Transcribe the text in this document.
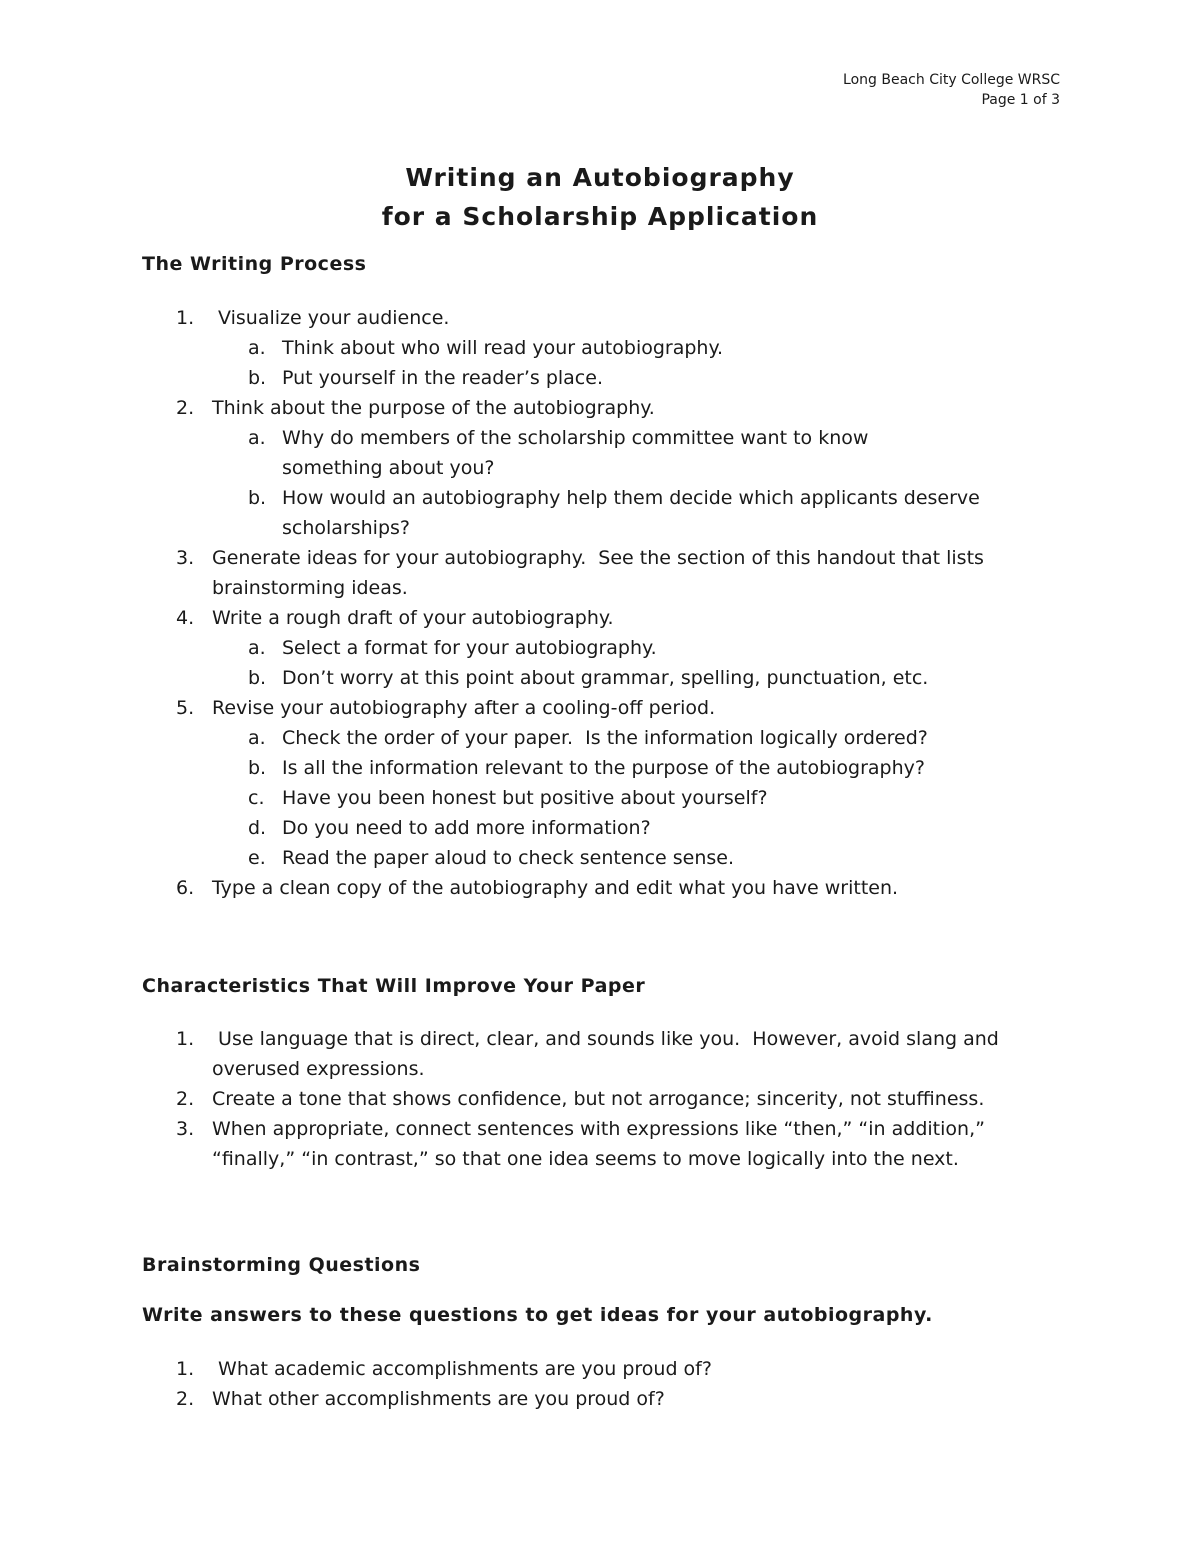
Long Beach City College WRSC
Page 1 of 3
Writing an Autobiography
for a Scholarship Application
The Writing Process
1. Visualize your audience.
a. Think about who will read your autobiography.
b. Put yourself in the reader’s place.
2. Think about the purpose of the autobiography.
a. Why do members of the scholarship committee want to know something about you?
b. How would an autobiography help them decide which applicants deserve scholarships?
3. Generate ideas for your autobiography.  See the section of this handout that lists brainstorming ideas.
4. Write a rough draft of your autobiography.
a. Select a format for your autobiography.
b. Don’t worry at this point about grammar, spelling, punctuation, etc.
5. Revise your autobiography after a cooling-off period.
a. Check the order of your paper.  Is the information logically ordered?
b. Is all the information relevant to the purpose of the autobiography?
c. Have you been honest but positive about yourself?
d. Do you need to add more information?
e. Read the paper aloud to check sentence sense.
6. Type a clean copy of the autobiography and edit what you have written.
Characteristics That Will Improve Your Paper
1. Use language that is direct, clear, and sounds like you.  However, avoid slang and overused expressions.
2. Create a tone that shows confidence, but not arrogance; sincerity, not stuffiness.
3. When appropriate, connect sentences with expressions like “then,” “in addition,” “finally,” “in contrast,” so that one idea seems to move logically into the next.
Brainstorming Questions
Write answers to these questions to get ideas for your autobiography.
1. What academic accomplishments are you proud of?
2. What other accomplishments are you proud of?
